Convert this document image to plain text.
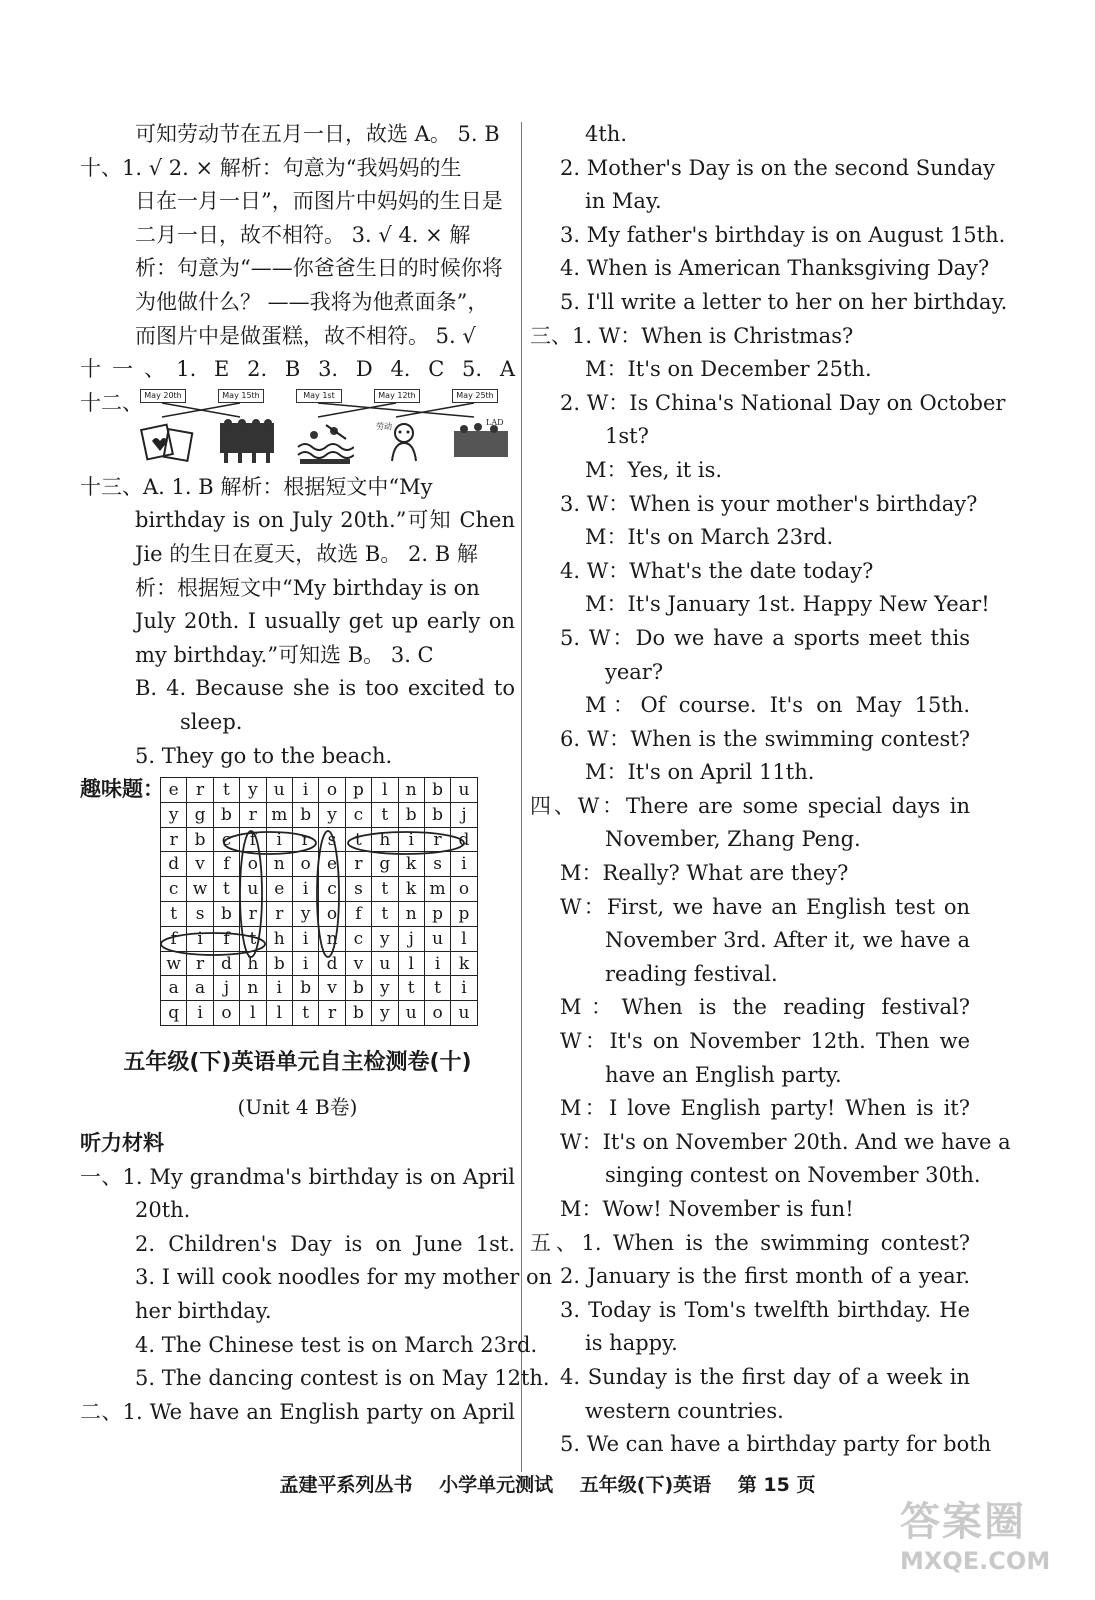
可知劳动节在五月一日，故选 A。 5. B
十、1. √ 2. × 解析：句意为“我妈妈的生
日在一月一日”，而图片中妈妈的生日是
二月一日，故不相符。 3. √ 4. × 解
析：句意为“——你爸爸生日的时候你将
为他做什么？ ——我将为他煮面条”，
而图片中是做蛋糕，故不相符。 5. √
十一、1. E 2. B 3. D 4. C 5. A
十二、 May 20th	May 15th	May 1st	May 12th	May 25th
劳动	LAD
十三、A. 1. B 解析：根据短文中“My
birthday is on July 20th.”可知 Chen
Jie 的生日在夏天，故选 B。 2. B 解
析：根据短文中“My birthday is on
July 20th. I usually get up early on
my birthday.”可知选 B。 3. C
B. 4. Because she is too excited to
sleep.
5. They go to the beach.
趣味题： e	r	t	y	u	i	o	p	l	n	b	u
y	g	b	r	m	b	y	c	t	b	b	j
r	b	c	f	i	r	s	t	h	i	r	d
d	v	f	o	n	o	e	r	g	k	s	i
c	w	t	u	e	i	c	s	t	k	m	o
t	s	b	r	r	y	o	f	t	n	p	p
f	i	f	t	h	i	n	c	y	j	u	l
w	r	d	h	b	i	d	v	u	l	i	k
a	a	j	n	i	b	v	b	y	t	t	i
q	i	o	l	l	t	r	b	y	u	o	u
五年级(下)英语单元自主检测卷(十)
(Unit 4 B卷)
听力材料
一、1. My grandma's birthday is on April
20th.
2. Children's Day is on June 1st.
3. I will cook noodles for my mother on
her birthday.
4. The Chinese test is on March 23rd.
5. The dancing contest is on May 12th.
二、1. We have an English party on April
4th.
2. Mother's Day is on the second Sunday
in May.
3. My father's birthday is on August 15th.
4. When is American Thanksgiving Day?
5. I'll write a letter to her on her birthday.
三、1. W：When is Christmas?
M：It's on December 25th.
2. W：Is China's National Day on October
1st?
M：Yes, it is.
3. W：When is your mother's birthday?
M：It's on March 23rd.
4. W：What's the date today?
M：It's January 1st. Happy New Year!
5. W：Do we have a sports meet this
year?
M：Of course. It's on May 15th.
6. W：When is the swimming contest?
M：It's on April 11th.
四、W：There are some special days in
November, Zhang Peng.
M：Really? What are they?
W：First, we have an English test on
November 3rd. After it, we have a
reading festival.
M：When is the reading festival?
W：It's on November 12th. Then we
have an English party.
M：I love English party! When is it?
W：It's on November 20th. And we have a
singing contest on November 30th.
M：Wow! November is fun!
五、1. When is the swimming contest?
2. January is the first month of a year.
3. Today is Tom's twelfth birthday. He
is happy.
4. Sunday is the first day of a week in
western countries.
5. We can have a birthday party for both
孟建平系列丛书 小学单元测试 五年级(下)英语 第 15 页
答案圈
MXQE.COM
